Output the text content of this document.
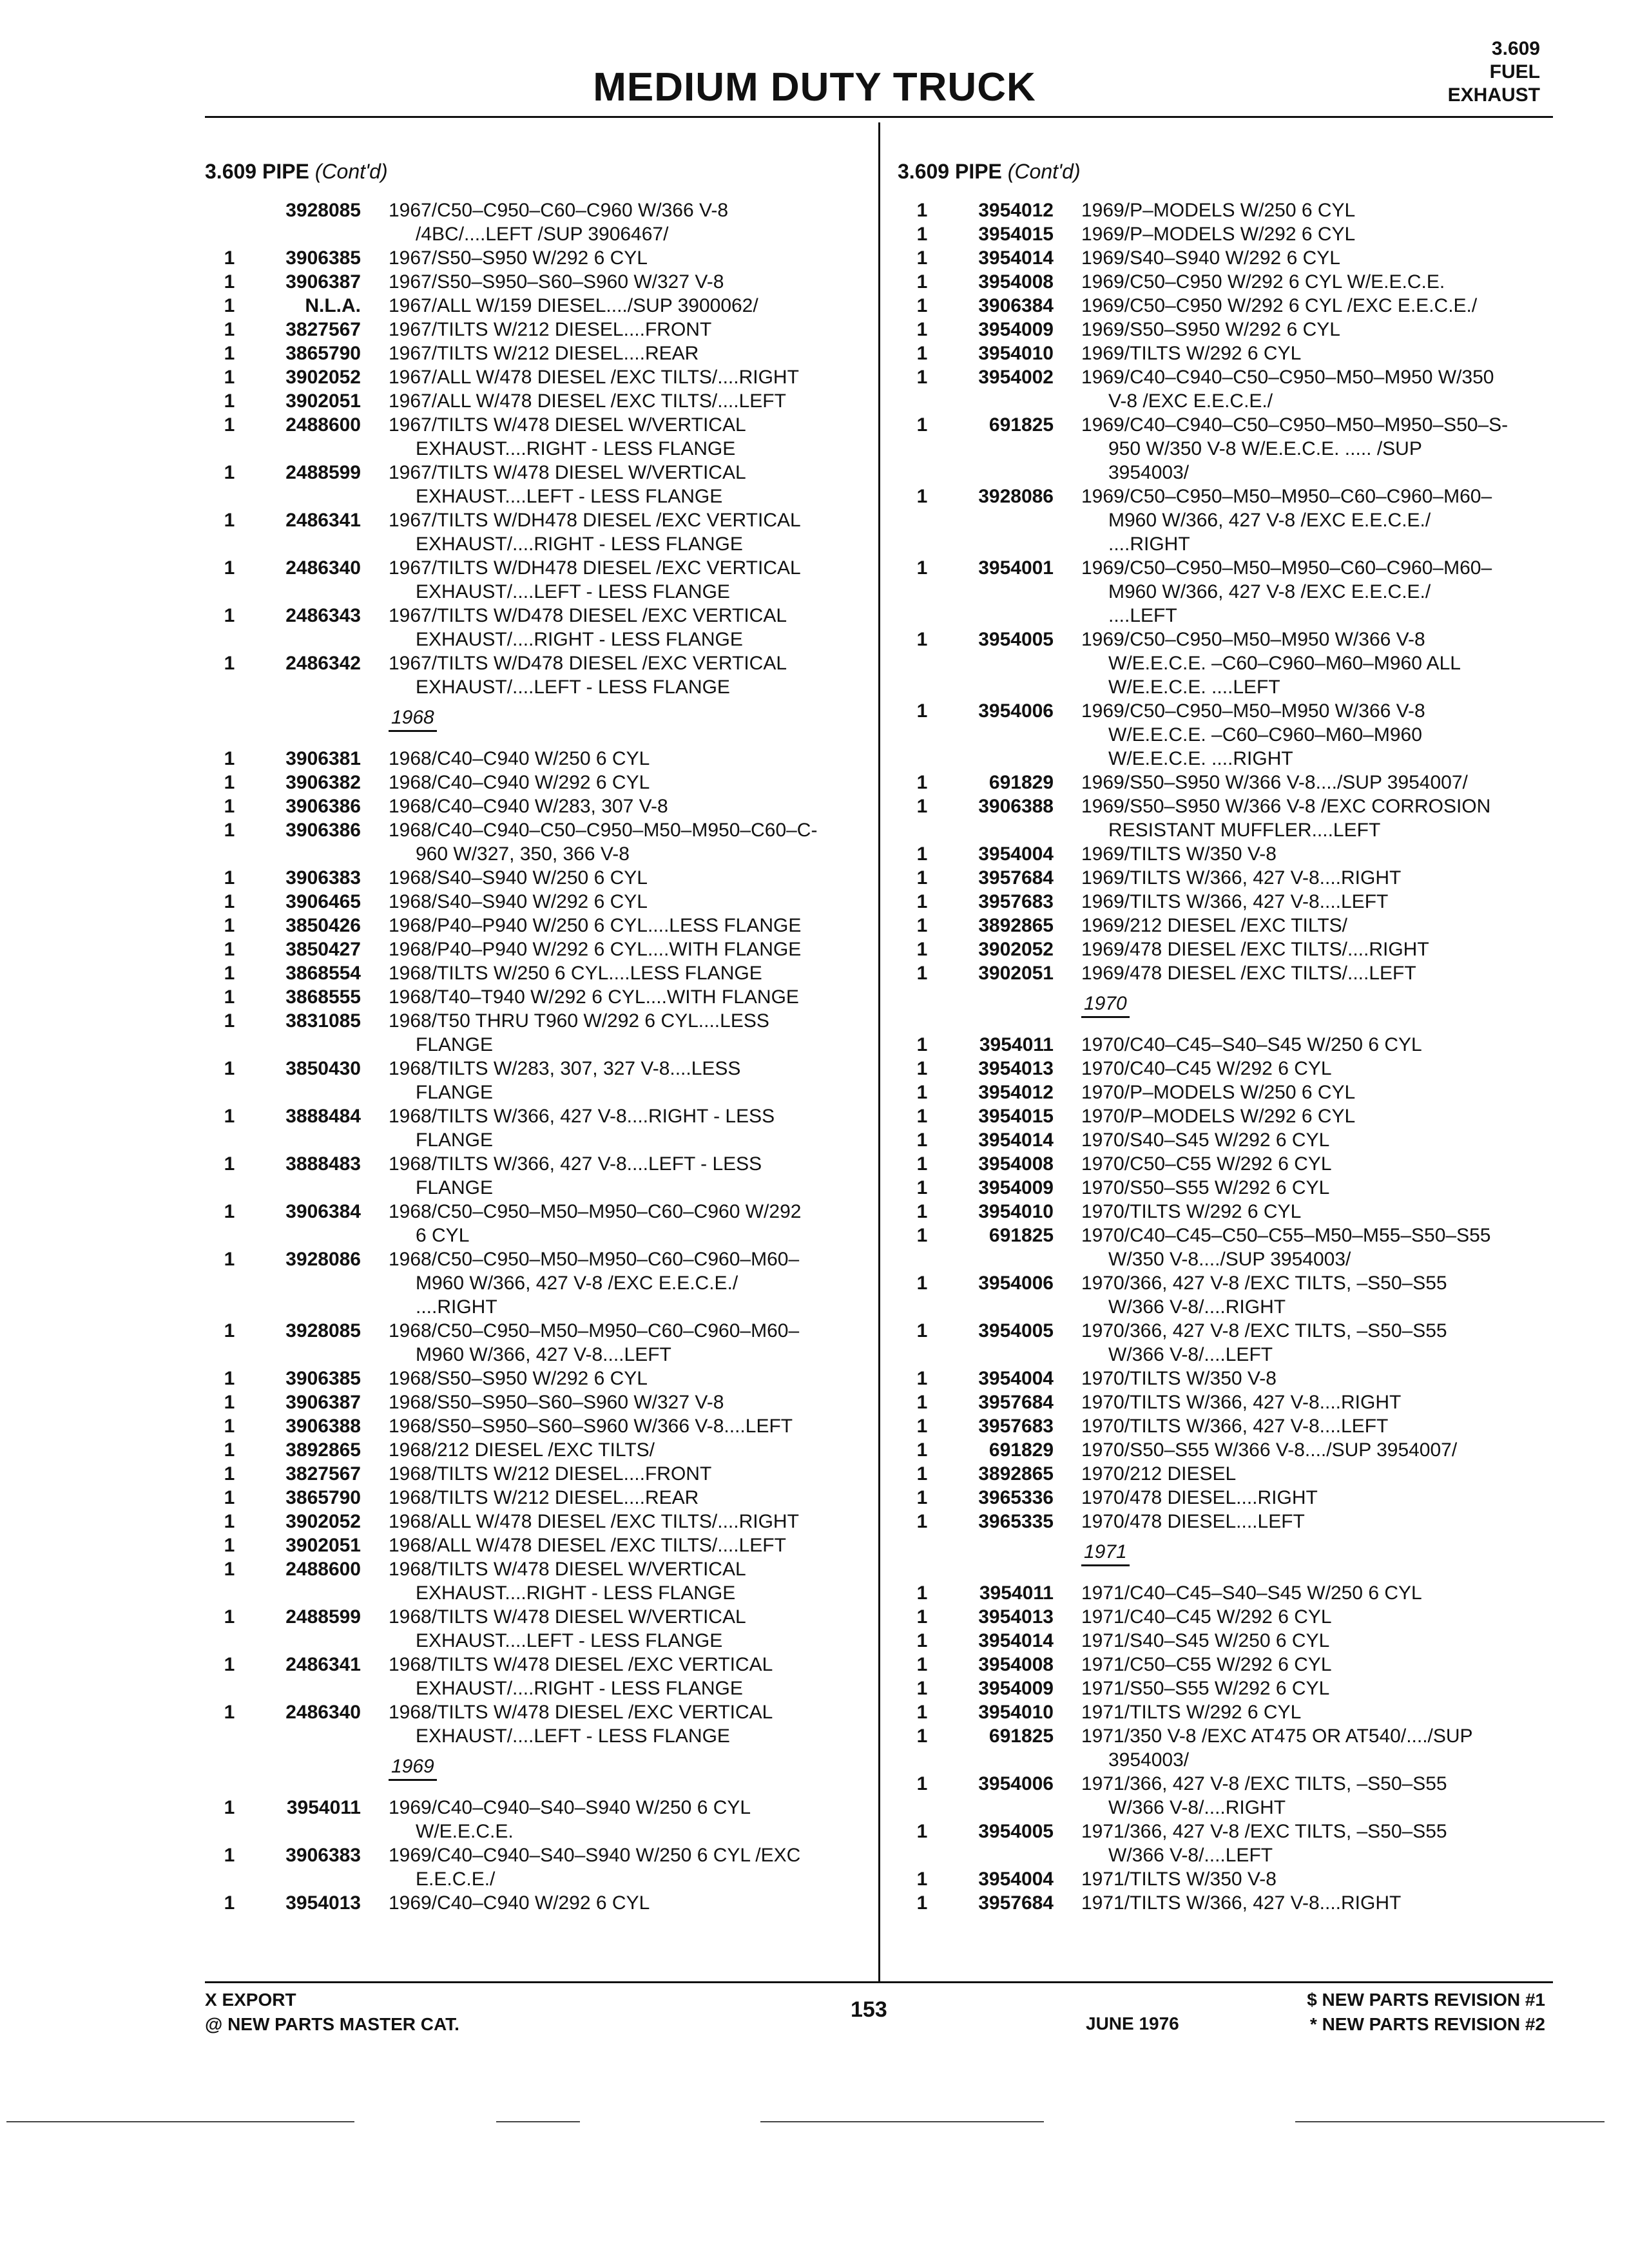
MEDIUM DUTY TRUCK
3.609
FUEL
EXHAUST
3.609 PIPE (Cont'd)
3928085 1967/C50–C950–C60–C960 W/366 V-8
/4BC/....LEFT /SUP 3906467/
1	3906385 1967/S50–S950 W/292 6 CYL
1	3906387 1967/S50–S950–S60–S960 W/327 V-8
1	N.L.A. 1967/ALL W/159 DIESEL..../SUP 3900062/
1	3827567 1967/TILTS W/212 DIESEL....FRONT
1	3865790 1967/TILTS W/212 DIESEL....REAR
1	3902052 1967/ALL W/478 DIESEL /EXC TILTS/....RIGHT
1	3902051 1967/ALL W/478 DIESEL /EXC TILTS/....LEFT
1	2488600 1967/TILTS W/478 DIESEL W/VERTICAL
EXHAUST....RIGHT - LESS FLANGE
1	2488599 1967/TILTS W/478 DIESEL W/VERTICAL
EXHAUST....LEFT - LESS FLANGE
1	2486341 1967/TILTS W/DH478 DIESEL /EXC VERTICAL
EXHAUST/....RIGHT - LESS FLANGE
1	2486340 1967/TILTS W/DH478 DIESEL /EXC VERTICAL
EXHAUST/....LEFT - LESS FLANGE
1	2486343 1967/TILTS W/D478 DIESEL /EXC VERTICAL
EXHAUST/....RIGHT - LESS FLANGE
1	2486342 1967/TILTS W/D478 DIESEL /EXC VERTICAL
EXHAUST/....LEFT - LESS FLANGE
1968
1	3906381 1968/C40–C940 W/250 6 CYL
1	3906382 1968/C40–C940 W/292 6 CYL
1	3906386 1968/C40–C940 W/283, 307 V-8
1	3906386 1968/C40–C940–C50–C950–M50–M950–C60–C-
960 W/327, 350, 366 V-8
1	3906383 1968/S40–S940 W/250 6 CYL
1	3906465 1968/S40–S940 W/292 6 CYL
1	3850426 1968/P40–P940 W/250 6 CYL....LESS FLANGE
1	3850427 1968/P40–P940 W/292 6 CYL....WITH FLANGE
1	3868554 1968/TILTS W/250 6 CYL....LESS FLANGE
1	3868555 1968/T40–T940 W/292 6 CYL....WITH FLANGE
1	3831085 1968/T50 THRU T960 W/292 6 CYL....LESS
FLANGE
1	3850430 1968/TILTS W/283, 307, 327 V-8....LESS
FLANGE
1	3888484 1968/TILTS W/366, 427 V-8....RIGHT - LESS
FLANGE
1	3888483 1968/TILTS W/366, 427 V-8....LEFT - LESS
FLANGE
1	3906384 1968/C50–C950–M50–M950–C60–C960 W/292
6 CYL
1	3928086 1968/C50–C950–M50–M950–C60–C960–M60–
M960 W/366, 427 V-8 /EXC E.E.C.E./
....RIGHT
1	3928085 1968/C50–C950–M50–M950–C60–C960–M60–
M960 W/366, 427 V-8....LEFT
1	3906385 1968/S50–S950 W/292 6 CYL
1	3906387 1968/S50–S950–S60–S960 W/327 V-8
1	3906388 1968/S50–S950–S60–S960 W/366 V-8....LEFT
1	3892865 1968/212 DIESEL /EXC TILTS/
1	3827567 1968/TILTS W/212 DIESEL....FRONT
1	3865790 1968/TILTS W/212 DIESEL....REAR
1	3902052 1968/ALL W/478 DIESEL /EXC TILTS/....RIGHT
1	3902051 1968/ALL W/478 DIESEL /EXC TILTS/....LEFT
1	2488600 1968/TILTS W/478 DIESEL W/VERTICAL
EXHAUST....RIGHT - LESS FLANGE
1	2488599 1968/TILTS W/478 DIESEL W/VERTICAL
EXHAUST....LEFT - LESS FLANGE
1	2486341 1968/TILTS W/478 DIESEL /EXC VERTICAL
EXHAUST/....RIGHT - LESS FLANGE
1	2486340 1968/TILTS W/478 DIESEL /EXC VERTICAL
EXHAUST/....LEFT - LESS FLANGE
1969
1	3954011 1969/C40–C940–S40–S940 W/250 6 CYL
W/E.E.C.E.
1	3906383 1969/C40–C940–S40–S940 W/250 6 CYL /EXC
E.E.C.E./
1	3954013 1969/C40–C940 W/292 6 CYL
3.609 PIPE (Cont'd)
1	3954012 1969/P–MODELS W/250 6 CYL
1	3954015 1969/P–MODELS W/292 6 CYL
1	3954014 1969/S40–S940 W/292 6 CYL
1	3954008 1969/C50–C950 W/292 6 CYL W/E.E.C.E.
1	3906384 1969/C50–C950 W/292 6 CYL /EXC E.E.C.E./
1	3954009 1969/S50–S950 W/292 6 CYL
1	3954010 1969/TILTS W/292 6 CYL
1	3954002 1969/C40–C940–C50–C950–M50–M950 W/350
V-8 /EXC E.E.C.E./
1	691825 1969/C40–C940–C50–C950–M50–M950–S50–S-
950 W/350 V-8 W/E.E.C.E. ..... /SUP
3954003/
1	3928086 1969/C50–C950–M50–M950–C60–C960–M60–
M960 W/366, 427 V-8 /EXC E.E.C.E./
....RIGHT
1	3954001 1969/C50–C950–M50–M950–C60–C960–M60–
M960 W/366, 427 V-8 /EXC E.E.C.E./
....LEFT
1	3954005 1969/C50–C950–M50–M950 W/366 V-8
W/E.E.C.E. –C60–C960–M60–M960 ALL
W/E.E.C.E. ....LEFT
1	3954006 1969/C50–C950–M50–M950 W/366 V-8
W/E.E.C.E. –C60–C960–M60–M960
W/E.E.C.E. ....RIGHT
1	691829 1969/S50–S950 W/366 V-8..../SUP 3954007/
1	3906388 1969/S50–S950 W/366 V-8 /EXC CORROSION
RESISTANT MUFFLER....LEFT
1	3954004 1969/TILTS W/350 V-8
1	3957684 1969/TILTS W/366, 427 V-8....RIGHT
1	3957683 1969/TILTS W/366, 427 V-8....LEFT
1	3892865 1969/212 DIESEL /EXC TILTS/
1	3902052 1969/478 DIESEL /EXC TILTS/....RIGHT
1	3902051 1969/478 DIESEL /EXC TILTS/....LEFT
1970
1	3954011 1970/C40–C45–S40–S45 W/250 6 CYL
1	3954013 1970/C40–C45 W/292 6 CYL
1	3954012 1970/P–MODELS W/250 6 CYL
1	3954015 1970/P–MODELS W/292 6 CYL
1	3954014 1970/S40–S45 W/292 6 CYL
1	3954008 1970/C50–C55 W/292 6 CYL
1	3954009 1970/S50–S55 W/292 6 CYL
1	3954010 1970/TILTS W/292 6 CYL
1	691825 1970/C40–C45–C50–C55–M50–M55–S50–S55
W/350 V-8..../SUP 3954003/
1	3954006 1970/366, 427 V-8 /EXC TILTS, –S50–S55
W/366 V-8/....RIGHT
1	3954005 1970/366, 427 V-8 /EXC TILTS, –S50–S55
W/366 V-8/....LEFT
1	3954004 1970/TILTS W/350 V-8
1	3957684 1970/TILTS W/366, 427 V-8....RIGHT
1	3957683 1970/TILTS W/366, 427 V-8....LEFT
1	691829 1970/S50–S55 W/366 V-8..../SUP 3954007/
1	3892865 1970/212 DIESEL
1	3965336 1970/478 DIESEL....RIGHT
1	3965335 1970/478 DIESEL....LEFT
1971
1	3954011 1971/C40–C45–S40–S45 W/250 6 CYL
1	3954013 1971/C40–C45 W/292 6 CYL
1	3954014 1971/S40–S45 W/250 6 CYL
1	3954008 1971/C50–C55 W/292 6 CYL
1	3954009 1971/S50–S55 W/292 6 CYL
1	3954010 1971/TILTS W/292 6 CYL
1	691825 1971/350 V-8 /EXC AT475 OR AT540/..../SUP
3954003/
1	3954006 1971/366, 427 V-8 /EXC TILTS, –S50–S55
W/366 V-8/....RIGHT
1	3954005 1971/366, 427 V-8 /EXC TILTS, –S50–S55
W/366 V-8/....LEFT
1	3954004 1971/TILTS W/350 V-8
1	3957684 1971/TILTS W/366, 427 V-8....RIGHT
X EXPORT
@ NEW PARTS MASTER CAT.
153
JUNE 1976
$ NEW PARTS REVISION #1
* NEW PARTS REVISION #2
